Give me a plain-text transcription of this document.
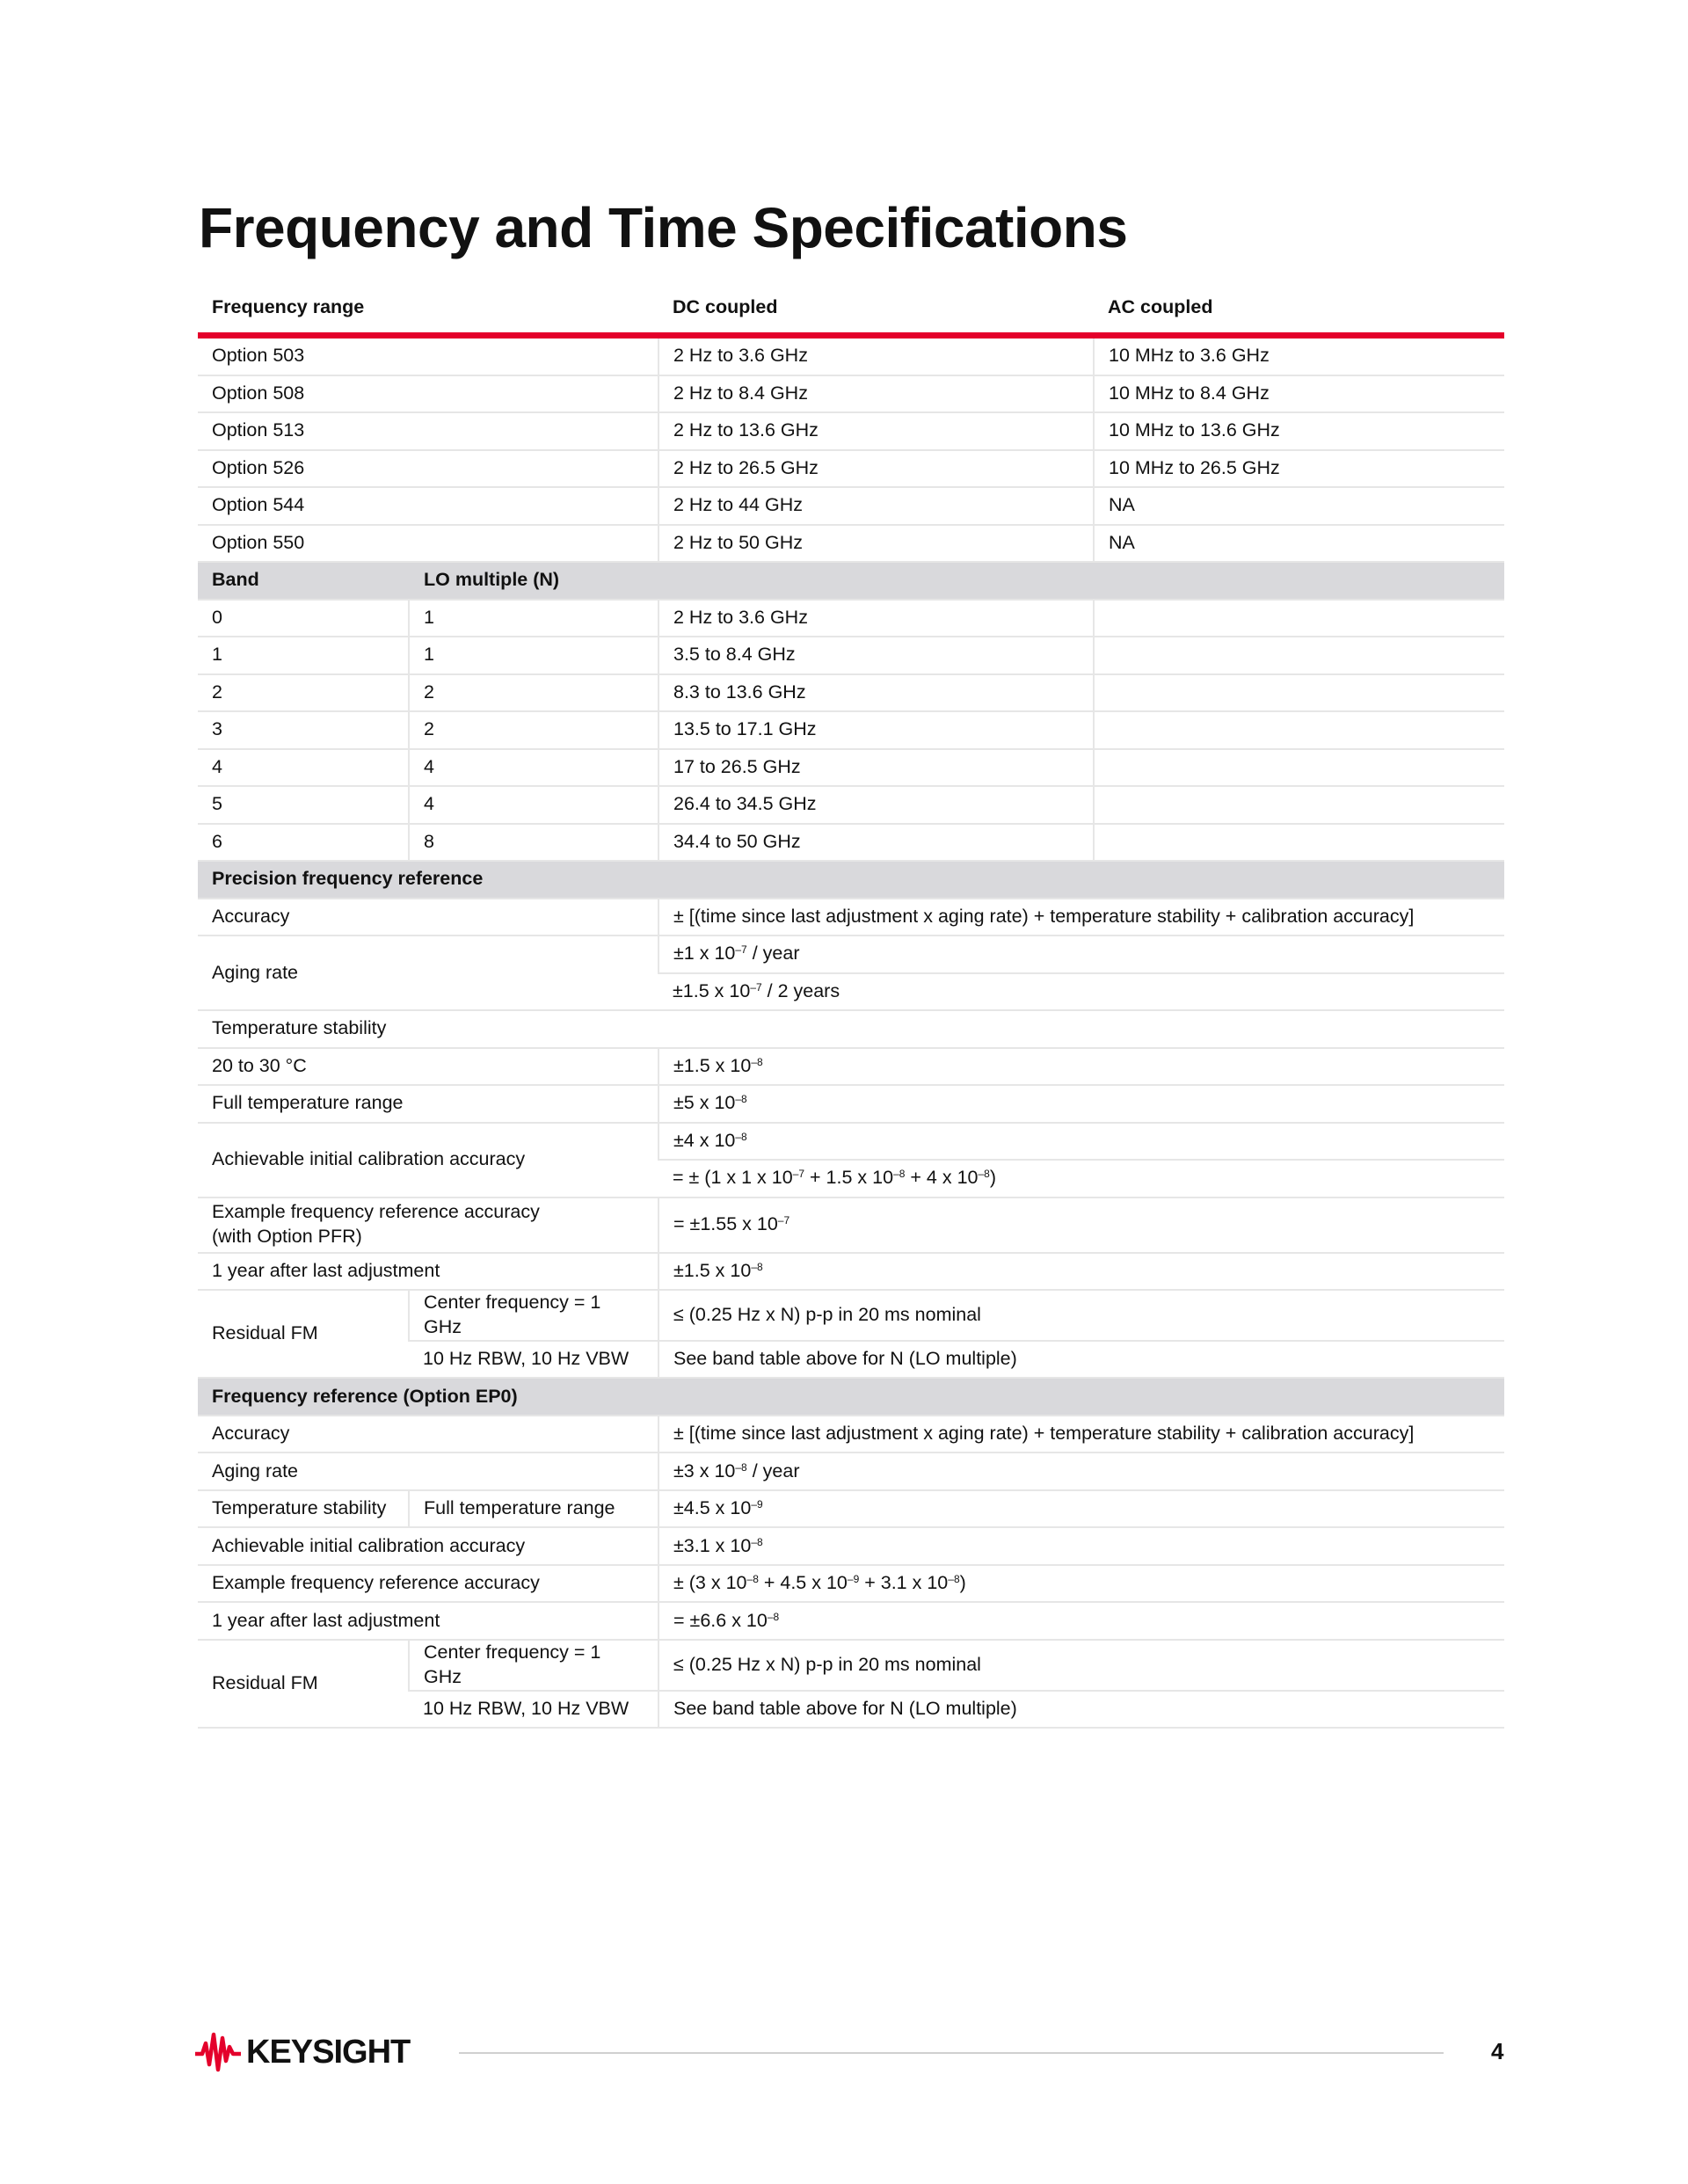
Frequency and Time Specifications
Frequency range		DC coupled	AC coupled
Option 503		2 Hz to 3.6 GHz	10 MHz to 3.6 GHz
Option 508		2 Hz to 8.4 GHz	10 MHz to 8.4 GHz
Option 513		2 Hz to 13.6 GHz	10 MHz to 13.6 GHz
Option 526		2 Hz to 26.5 GHz	10 MHz to 26.5 GHz
Option 544		2 Hz to 44 GHz	NA
Option 550		2 Hz to 50 GHz	NA
Band	LO multiple (N)		
0	1	2 Hz to 3.6 GHz	
1	1	3.5 to 8.4 GHz	
2	2	8.3 to 13.6 GHz	
3	2	13.5 to 17.1 GHz	
4	4	17 to 26.5 GHz	
5	4	26.4 to 34.5 GHz	
6	8	34.4 to 50 GHz	
Precision frequency reference			
Accuracy		± [(time since last adjustment x aging rate) + temperature stability + calibration accuracy]	
Aging rate		±1 x $10^{-7}$ / year	
		±1.5 x $10^{-7} / 2$ years	
Temperature stability			
20 to 30 °C		±1.5 x $10^{-8}$
Full temperature range		±5 x $10^{-8}$
Achievable initial calibration accuracy		±4 x $10^{-8}$
		= ± (1 x 1 x $10^{-7} + 1.5$ x $10^{-8} + 4$ x $10^{-8}$)	
Example frequency reference accuracy
(with Option PFR)		= ±1.55 x $10^{-7}$
1 year after last adjustment		±1.5 x $10^{-8}$
Residual FM	Center frequency = 1 GHz	≤ (0.25 Hz x N) p-p in 20 ms nominal	
	10 Hz RBW, 10 Hz VBW	See band table above for N (LO multiple)	
Frequency reference (Option EP0)			
Accuracy		± [(time since last adjustment x aging rate) + temperature stability + calibration accuracy]	
Aging rate		±3 x $10^{-8}$ / year	
Temperature stability	Full temperature range	±4.5 x $10^{-9}$
Achievable initial calibration accuracy		±3.1 x $10^{-8}$
Example frequency reference accuracy		± (3 x $10^{-8} + 4.5$ x $10^{-9} + 3.1$ x $10^{-8}$)	
1 year after last adjustment		= ±6.6 x $10^{-8}$
Residual FM	Center frequency = 1 GHz	≤ (0.25 Hz x N) p-p in 20 ms nominal	
	10 Hz RBW, 10 Hz VBW	See band table above for N (LO multiple)	
KEYSIGHT	4
